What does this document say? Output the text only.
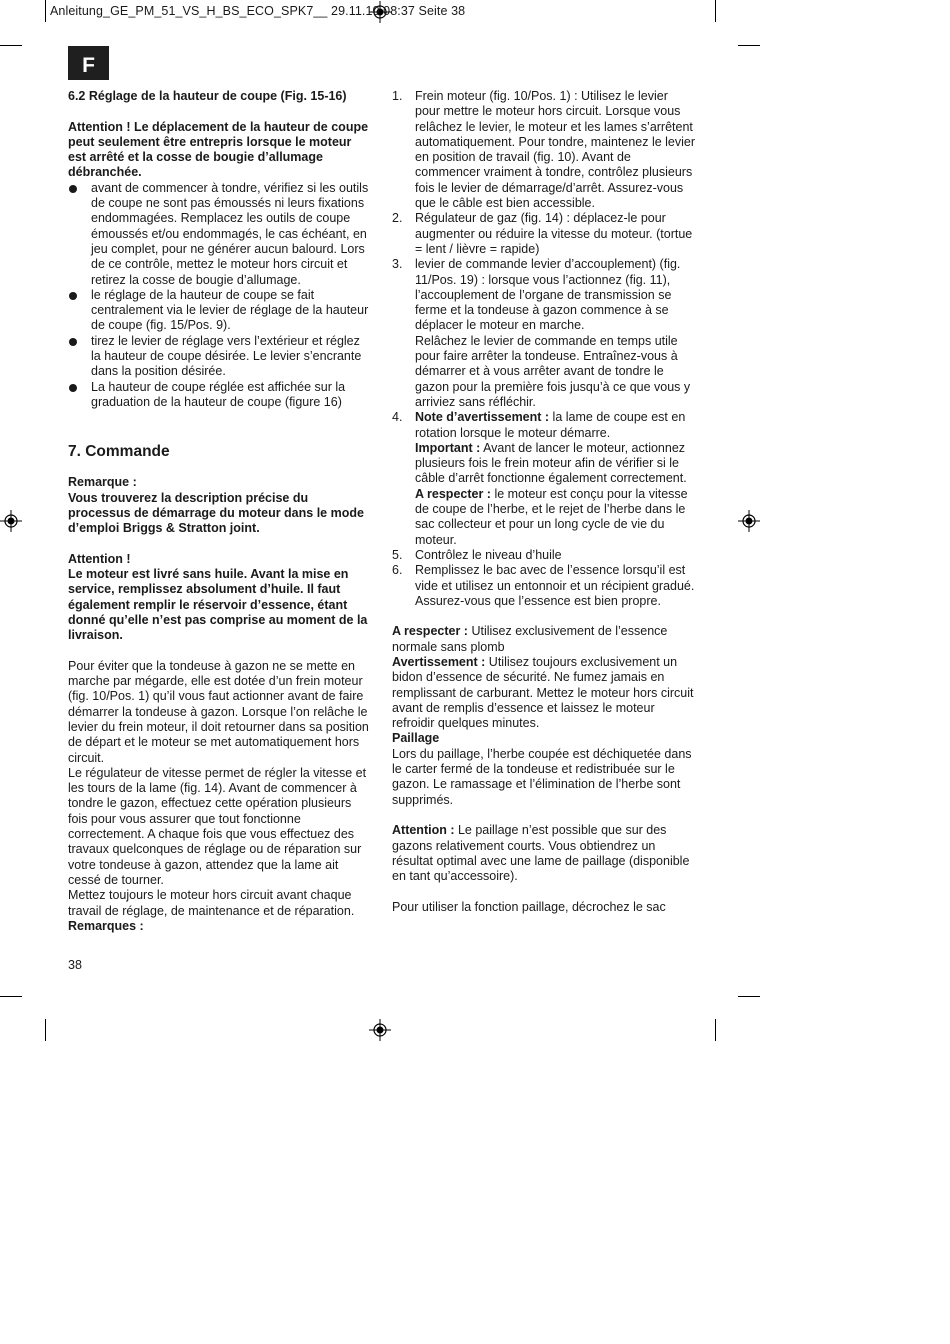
Anleitung_GE_PM_51_VS_H_BS_ECO_SPK7__ 29.11.10 08:37 Seite 38
F

6.2 Réglage de la hauteur de coupe (Fig. 15-16)

Attention ! Le déplacement de la hauteur de coupe peut seulement être entrepris lorsque le moteur est arrêté et la cosse de bougie d’allumage débranchée.

avant de commencer à tondre, vérifiez si les outils de coupe ne sont pas émoussés ni leurs fixations endommagées. Remplacez les outils de coupe émoussés et/ou endommagés, le cas échéant, en jeu complet, pour ne générer aucun balourd. Lors de ce contrôle, mettez le moteur hors circuit et retirez la cosse de bougie d’allumage.

le réglage de la hauteur de coupe se fait centralement via le levier de réglage de la hauteur de coupe (fig. 15/Pos. 9).

tirez le levier de réglage vers l’extérieur et réglez la hauteur de coupe désirée. Le levier s’encrante dans la position désirée.

La hauteur de coupe réglée est affichée sur la graduation de la hauteur de coupe (figure 16)

7. Commande

Remarque :

Vous trouverez la description précise du processus de démarrage du moteur dans le mode d’emploi Briggs & Stratton joint.

Attention !

Le moteur est livré sans huile. Avant la mise en service, remplissez absolument d’huile. Il faut également remplir le réservoir d’essence, étant donné qu’elle n’est pas comprise au moment de la livraison.

Pour éviter que la tondeuse à gazon ne se mette en marche par mégarde, elle est dotée d’un frein moteur (fig. 10/Pos. 1) qu’il vous faut actionner avant de faire démarrer la tondeuse à gazon. Lorsque l’on relâche le levier du frein moteur, il doit retourner dans sa position de départ et le moteur se met automatiquement hors circuit.

Le régulateur de vitesse permet de régler la vitesse et les tours de la lame (fig. 14). Avant de commencer à tondre le gazon, effectuez cette opération plusieurs fois pour vous assurer que tout fonctionne correctement. A chaque fois que vous effectuez des travaux quelconques de réglage ou de réparation sur votre tondeuse à gazon, attendez que la lame ait cessé de tourner.

Mettez toujours le moteur hors circuit avant chaque travail de réglage, de maintenance et de réparation.

Remarques :

38
1. Frein moteur (fig. 10/Pos. 1) : Utilisez le levier pour mettre le moteur hors circuit. Lorsque vous relâchez le levier, le moteur et les lames s’arrêtent automatiquement. Pour tondre, maintenez le levier en position de travail (fig. 10). Avant de commencer vraiment à tondre, contrôlez plusieurs fois le levier de démarrage/d’arrêt. Assurez-vous que le câble est bien accessible.

2. Régulateur de gaz (fig. 14) : déplacez-le pour augmenter ou réduire la vitesse du moteur. (tortue = lent / lièvre = rapide)

3. levier de commande levier d’accouplement) (fig. 11/Pos. 19) : lorsque vous l’actionnez (fig. 11), l’accouplement de l’organe de transmission se ferme et la tondeuse à gazon commence à se déplacer le moteur en marche.

Relâchez le levier de commande en temps utile pour faire arrêter la tondeuse. Entraînez-vous à démarrer et à vous arrêter avant de tondre le gazon pour la première fois jusqu’à ce que vous y arriviez sans réfléchir.

4. Note d’avertissement : la lame de coupe est en rotation lorsque le moteur démarre.

Important : Avant de lancer le moteur, actionnez plusieurs fois le frein moteur afin de vérifier si le câble d’arrêt fonctionne également correctement.

A respecter : le moteur est conçu pour la vitesse de coupe de l’herbe, et le rejet de l’herbe dans le sac collecteur et pour un long cycle de vie du moteur.

5. Contrôlez le niveau d’huile

6. Remplissez le bac avec de l’essence lorsqu’il est vide et utilisez un entonnoir et un récipient gradué. Assurez-vous que l’essence est bien propre.

A respecter : Utilisez exclusivement de l’essence normale sans plomb

Avertissement : Utilisez toujours exclusivement un bidon d’essence de sécurité. Ne fumez jamais en remplissant de carburant. Mettez le moteur hors circuit avant de remplis d’essence et laissez le moteur refroidir quelques minutes.

Paillage

Lors du paillage, l’herbe coupée est déchiquetée dans le carter fermé de la tondeuse et redistribuée sur le gazon. Le ramassage et l’élimination de l’herbe sont supprimés.

Attention : Le paillage n’est possible que sur des gazons relativement courts. Vous obtiendrez un résultat optimal avec une lame de paillage (disponible en tant qu’accessoire).

Pour utiliser la fonction paillage, décrochez le sac
